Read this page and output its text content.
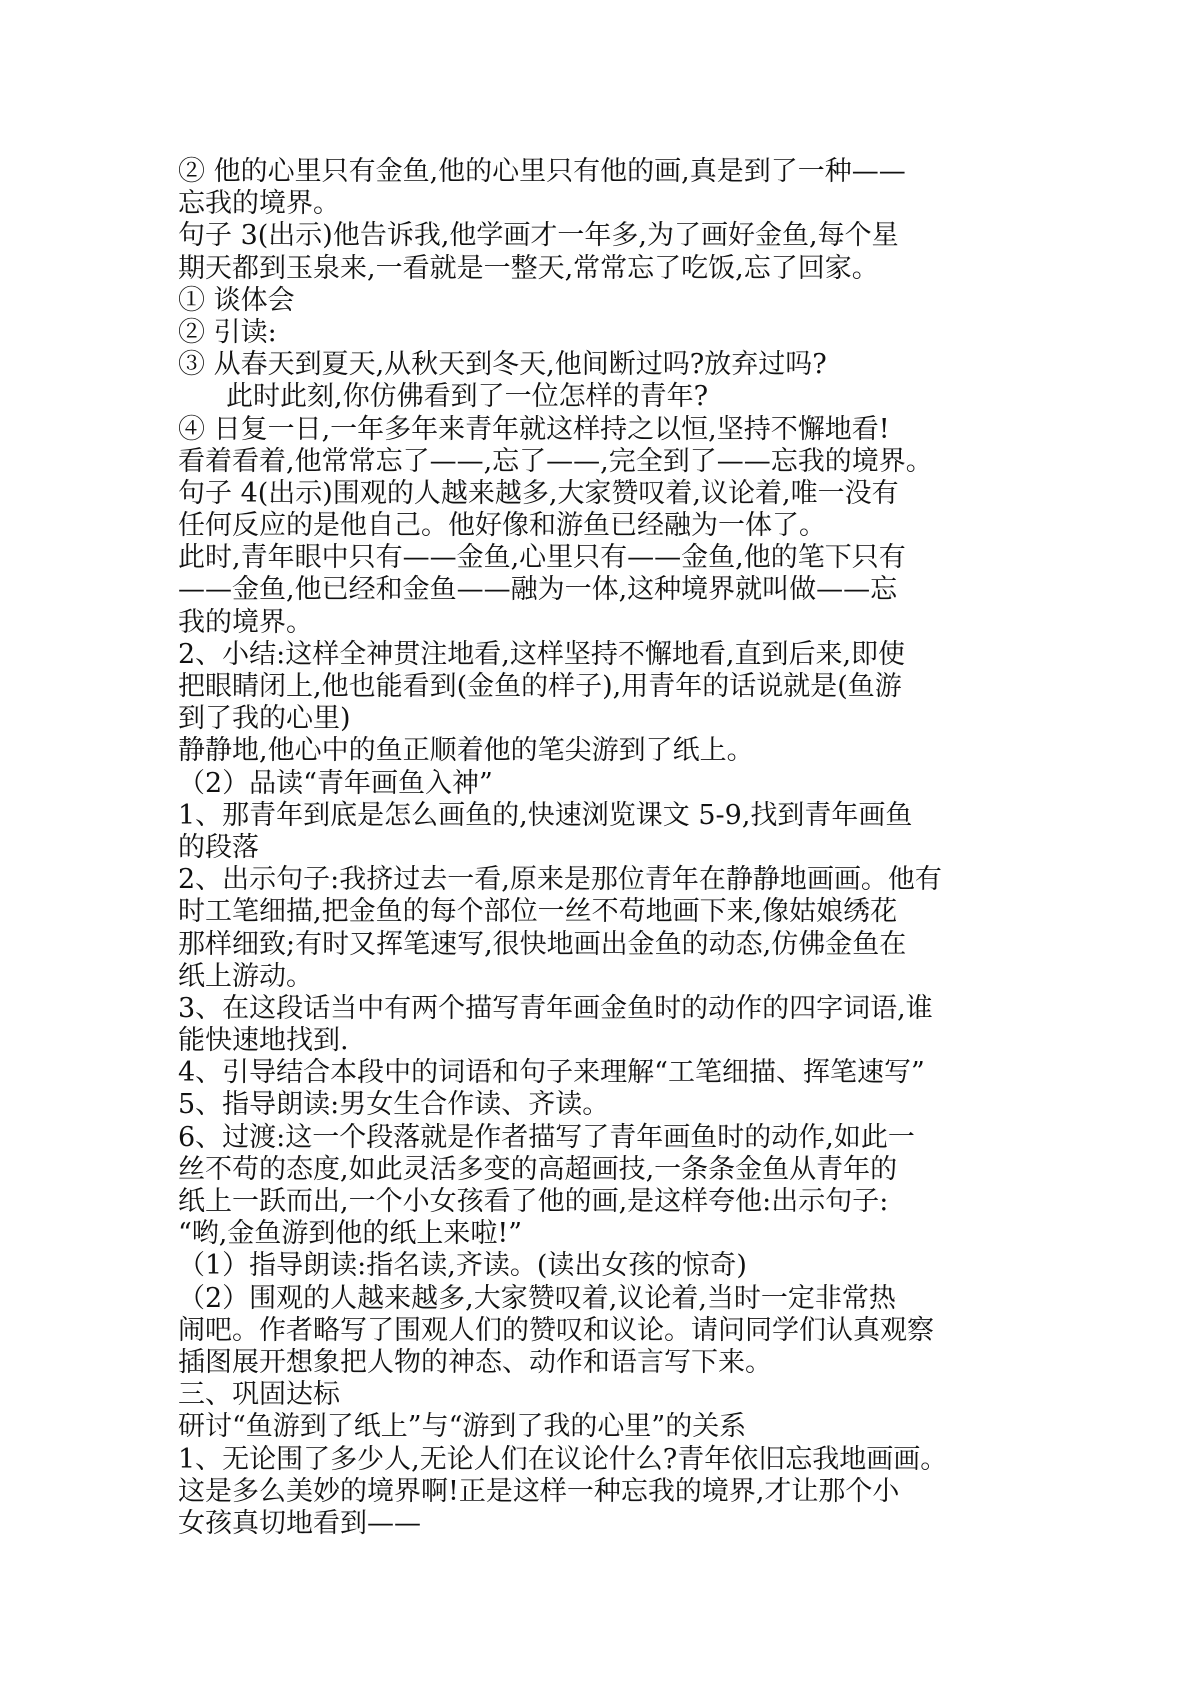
② 他的心里只有金鱼,他的心里只有他的画,真是到了一种——
忘我的境界。
句子 3(出示)他告诉我,他学画才一年多,为了画好金鱼,每个星
期天都到玉泉来,一看就是一整天,常常忘了吃饭,忘了回家。
① 谈体会
② 引读:
③ 从春天到夏天,从秋天到冬天,他间断过吗?放弃过吗?
此时此刻,你仿佛看到了一位怎样的青年?
④ 日复一日,一年多年来青年就这样持之以恒,坚持不懈地看!
看着看着,他常常忘了——,忘了——,完全到了——忘我的境界。
句子 4(出示)围观的人越来越多,大家赞叹着,议论着,唯一没有
任何反应的是他自己。他好像和游鱼已经融为一体了。
此时,青年眼中只有——金鱼,心里只有——金鱼,他的笔下只有
——金鱼,他已经和金鱼——融为一体,这种境界就叫做——忘
我的境界。
2、小结:这样全神贯注地看,这样坚持不懈地看,直到后来,即使
把眼睛闭上,他也能看到(金鱼的样子),用青年的话说就是(鱼游
到了我的心里)
静静地,他心中的鱼正顺着他的笔尖游到了纸上。
（2）品读“青年画鱼入神”
1、那青年到底是怎么画鱼的,快速浏览课文 5-9,找到青年画鱼
的段落
2、出示句子:我挤过去一看,原来是那位青年在静静地画画。他有
时工笔细描,把金鱼的每个部位一丝不苟地画下来,像姑娘绣花
那样细致;有时又挥笔速写,很快地画出金鱼的动态,仿佛金鱼在
纸上游动。
3、在这段话当中有两个描写青年画金鱼时的动作的四字词语,谁
能快速地找到.
4、引导结合本段中的词语和句子来理解“工笔细描、挥笔速写”
5、指导朗读:男女生合作读、齐读。
6、过渡:这一个段落就是作者描写了青年画鱼时的动作,如此一
丝不苟的态度,如此灵活多变的高超画技,一条条金鱼从青年的
纸上一跃而出,一个小女孩看了他的画,是这样夸他:出示句子:
“哟,金鱼游到他的纸上来啦!”
（1）指导朗读:指名读,齐读。(读出女孩的惊奇)
（2）围观的人越来越多,大家赞叹着,议论着,当时一定非常热
闹吧。作者略写了围观人们的赞叹和议论。请问同学们认真观察
插图展开想象把人物的神态、动作和语言写下来。
三、巩固达标
研讨“鱼游到了纸上”与“游到了我的心里”的关系
1、无论围了多少人,无论人们在议论什么?青年依旧忘我地画画。
这是多么美妙的境界啊!正是这样一种忘我的境界,才让那个小
女孩真切地看到——
